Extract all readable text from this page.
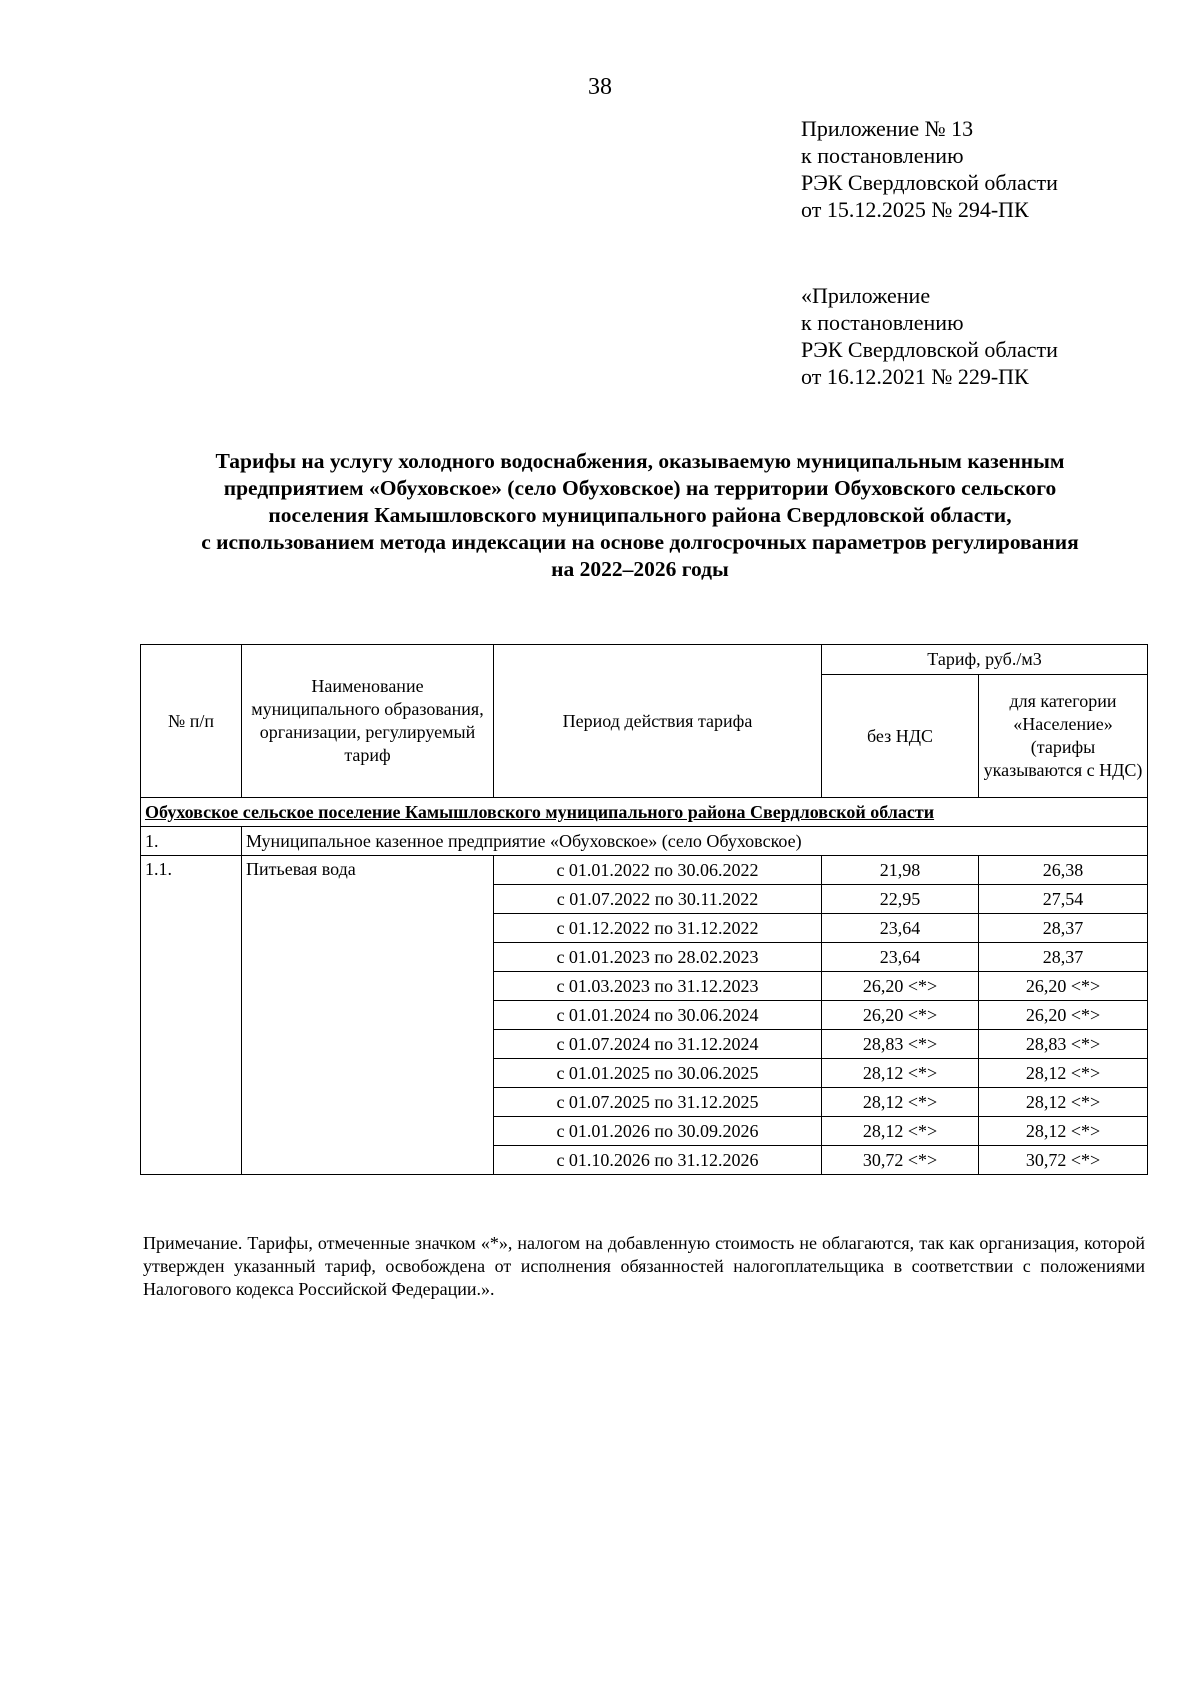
38
Приложение № 13
к постановлению
РЭК Свердловской области
от 15.12.2025 № 294-ПК
«Приложение
к постановлению
РЭК Свердловской области
от 16.12.2021 № 229-ПК
Тарифы на услугу холодного водоснабжения, оказываемую муниципальным казенным
предприятием «Обуховское» (село Обуховское) на территории Обуховского сельского
поселения Камышловского муниципального района Свердловской области,
с использованием метода индексации на основе долгосрочных параметров регулирования
на 2022–2026 годы
№ п/п	Наименование муниципального образования, организации, регулируемый тариф	Период действия тарифа	Тариф, руб./м3	
			без НДС	для категории «Население» (тарифы указываются с НДС)
Обуховское сельское поселение Камышловского муниципального района Свердловской области				
1.	Муниципальное казенное предприятие «Обуховское» (село Обуховское)			
1.1.	Питьевая вода	с 01.01.2022 по 30.06.2022	21,98	26,38
		с 01.07.2022 по 30.11.2022	22,95	27,54
		с 01.12.2022 по 31.12.2022	23,64	28,37
		с 01.01.2023 по 28.02.2023	23,64	28,37
		с 01.03.2023 по 31.12.2023	26,20 <*>	26,20 <*>
		с 01.01.2024 по 30.06.2024	26,20 <*>	26,20 <*>
		с 01.07.2024 по 31.12.2024	28,83 <*>	28,83 <*>
		с 01.01.2025 по 30.06.2025	28,12 <*>	28,12 <*>
		с 01.07.2025 по 31.12.2025	28,12 <*>	28,12 <*>
		с 01.01.2026 по 30.09.2026	28,12 <*>	28,12 <*>
		с 01.10.2026 по 31.12.2026	30,72 <*>	30,72 <*>
Примечание. Тарифы, отмеченные значком «*», налогом на добавленную стоимость не облагаются, так как организация, которой утвержден указанный тариф, освобождена от исполнения обязанностей налогоплательщика в соответствии с положениями Налогового кодекса Российской Федерации.».
